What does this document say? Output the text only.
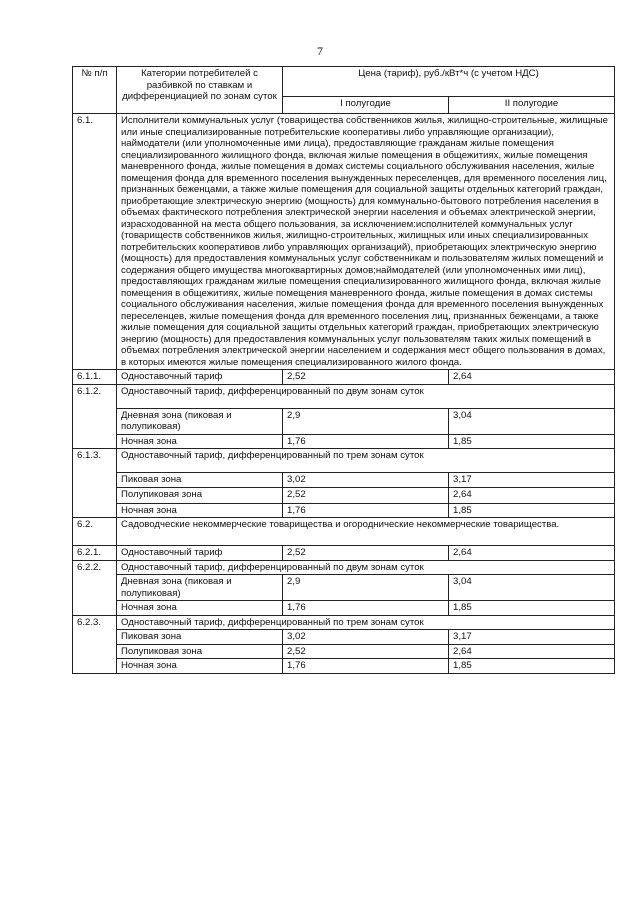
7
№ п/п	Категории потребителей с разбивкой по ставкам и дифференциацией по зонам суток	Цена (тариф), руб./кВт*ч (с учетом НДС)	
		I полугодие	II полугодие
6.1.	Исполнители коммунальных услуг (товарищества собственников жилья, жилищно-строительные, жилищные или иные специализированные потребительские кооперативы либо управляющие организации), наймодатели (или уполномоченные ими лица), предоставляющие гражданам жилые помещения специализированного жилищного фонда, включая жилые помещения в общежитиях, жилые помещения маневренного фонда, жилые помещения в домах системы социального обслуживания населения, жилые помещения фонда для временного поселения вынужденных переселенцев, для временного поселения лиц, признанных беженцами, а также жилые помещения для социальной защиты отдельных категорий граждан, приобретающие электрическую энергию (мощность) для коммунально-бытового потребления населения в объемах фактического потребления электрической энергии населения и объемах электрической энергии, израсходованной на места общего пользования, за исключением:исполнителей коммунальных услуг (товариществ собственников жилья, жилищно-строительных, жилищных или иных специализированных потребительских кооперативов либо управляющих организаций), приобретающих электрическую энергию (мощность) для предоставления коммунальных услуг собственникам и пользователям жилых помещений и содержания общего имущества многоквартирных домов;наймодателей (или уполномоченных ими лиц), предоставляющих гражданам жилые помещения специализированного жилищного фонда, включая жилые помещения в общежитиях, жилые помещения маневренного фонда, жилые помещения в домах системы социального обслуживания населения, жилые помещения фонда для временного поселения вынужденных переселенцев, жилые помещения фонда для временного поселения лиц, признанных беженцами, а также жилые помещения для социальной защиты отдельных категорий граждан, приобретающих электрическую энергию (мощность) для предоставления коммунальных услуг пользователям таких жилых помещений в объемах потребления электрической энергии населением и содержания мест общего пользования в домах, в которых имеются жилые помещения специализированного жилого фонда.		
6.1.1.	Одноставочный тариф	2,52	2,64
6.1.2.	Одноставочный тариф, дифференцированный по двум зонам суток		
	Дневная зона (пиковая и полупиковая)	2,9	3,04
	Ночная зона	1,76	1,85
6.1.3.	Одноставочный тариф, дифференцированный по трем зонам суток		
	Пиковая зона	3,02	3,17
	Полупиковая зона	2,52	2,64
	Ночная зона	1,76	1,85
6.2.	Садоводческие некоммерческие товарищества и огороднические некоммерческие товарищества.		
6.2.1.	Одноставочный тариф	2,52	2,64
6.2.2.	Одноставочный тариф, дифференцированный по двум зонам суток		
	Дневная зона (пиковая и полупиковая)	2,9	3,04
	Ночная зона	1,76	1,85
6.2.3.	Одноставочный тариф, дифференцированный по трем зонам суток		
	Пиковая зона	3,02	3,17
	Полупиковая зона	2,52	2,64
	Ночная зона	1,76	1,85
